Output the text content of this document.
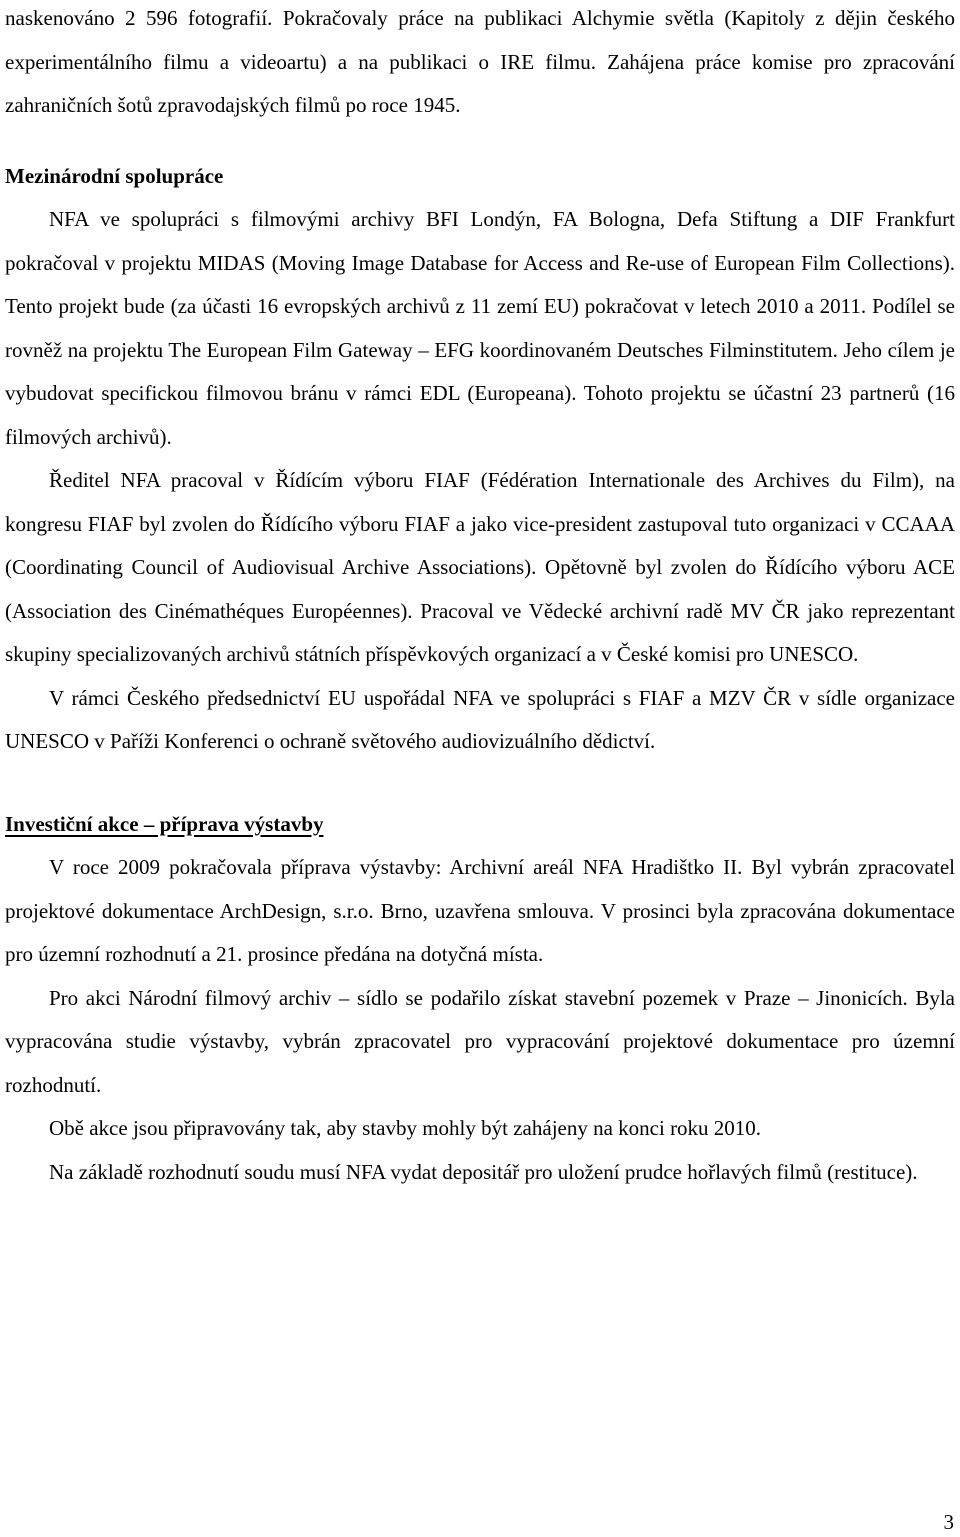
naskenováno 2 596 fotografií. Pokračovaly práce na publikaci Alchymie světla (Kapitoly z dějin českého experimentálního filmu a videoartu) a na publikaci o IRE filmu. Zahájena práce komise pro zpracování zahraničních šotů zpravodajských filmů po roce 1945.

Mezinárodní spolupráce

NFA ve spolupráci s filmovými archivy BFI Londýn, FA Bologna, Defa Stiftung a DIF Frankfurt pokračoval v projektu MIDAS (Moving Image Database for Access and Re-use of European Film Collections). Tento projekt bude (za účasti 16 evropských archivů z 11 zemí EU) pokračovat v letech 2010 a 2011. Podílel se rovněž na projektu The European Film Gateway – EFG koordinovaném Deutsches Filminstitutem. Jeho cílem je vybudovat specifickou filmovou bránu v rámci EDL (Europeana). Tohoto projektu se účastní 23 partnerů (16 filmových archivů).

Ředitel NFA pracoval v Řídícím výboru FIAF (Fédération Internationale des Archives du Film), na kongresu FIAF byl zvolen do Řídícího výboru FIAF a jako vice-president zastupoval tuto organizaci v CCAAA (Coordinating Council of Audiovisual Archive Associations). Opětovně byl zvolen do Řídícího výboru ACE (Association des Cinémathéques Européennes). Pracoval ve Vědecké archivní radě MV ČR jako reprezentant skupiny specializovaných archivů státních příspěvkových organizací a v České komisi pro UNESCO.

V rámci Českého předsednictví EU uspořádal NFA ve spolupráci s FIAF a MZV ČR v sídle organizace UNESCO v Paříži Konferenci o ochraně světového audiovizuálního dědictví.

Investiční akce – příprava výstavby

V roce 2009 pokračovala příprava výstavby: Archivní areál NFA Hradištko II. Byl vybrán zpracovatel projektové dokumentace ArchDesign, s.r.o. Brno, uzavřena smlouva. V prosinci byla zpracována dokumentace pro územní rozhodnutí a 21. prosince předána na dotyčná místa.

Pro akci Národní filmový archiv – sídlo se podařilo získat stavební pozemek v Praze – Jinonicích. Byla vypracována studie výstavby, vybrán zpracovatel pro vypracování projektové dokumentace pro územní rozhodnutí.

Obě akce jsou připravovány tak, aby stavby mohly být zahájeny na konci roku 2010.

Na základě rozhodnutí soudu musí NFA vydat depositář pro uložení prudce hořlavých filmů (restituce).

3
